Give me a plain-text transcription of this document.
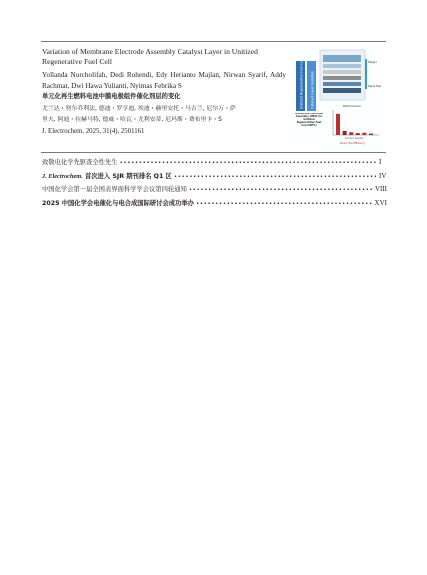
Variation of Membrane Electrode Assembly Catalyst Layer in Unitized Regenerative Fuel Cell

Yollanda Nurcholifah, Dedi Rohendi, Edy Herianto Majlan, Nirwan Syarif, Addy Rachmat, Dwi Hawa Yulianti, Nyimas Febrika S

单元化再生燃料电池中膜电极组件催化剂层的变化

尤兰达・努尔乔利法, 德迪・罗亨迪, 埃迪・赫里安托・马吉兰, 尼尔万・萨
里夫, 阿迪・拉赫马特, 德威・哈瓦・尤利安蒂, 尼玛斯・费布里卡・S

J. Electrochem. 2025, 31(4), 2501161

Unitized Regenerative Fuel Cell Catalyst Layer Variation
Stage I
Stack Test
Membrane Electrode Assembly (MEA) for Unitized Regenerative Fuel Cell (URFC)
Performance
Current density
Round Trip Efficiency
致敬电化学先驱查全性先生 •••••	I
J. Electrochem. 首次进入 SJR 期刊排名 Q1 区 •••••	IV
中国化学会第一届全国表界面科学学会议第四轮通知 •••••	VIII
2025 中国化学会电催化与电合成国际研讨会成功举办 •••••	XVI
